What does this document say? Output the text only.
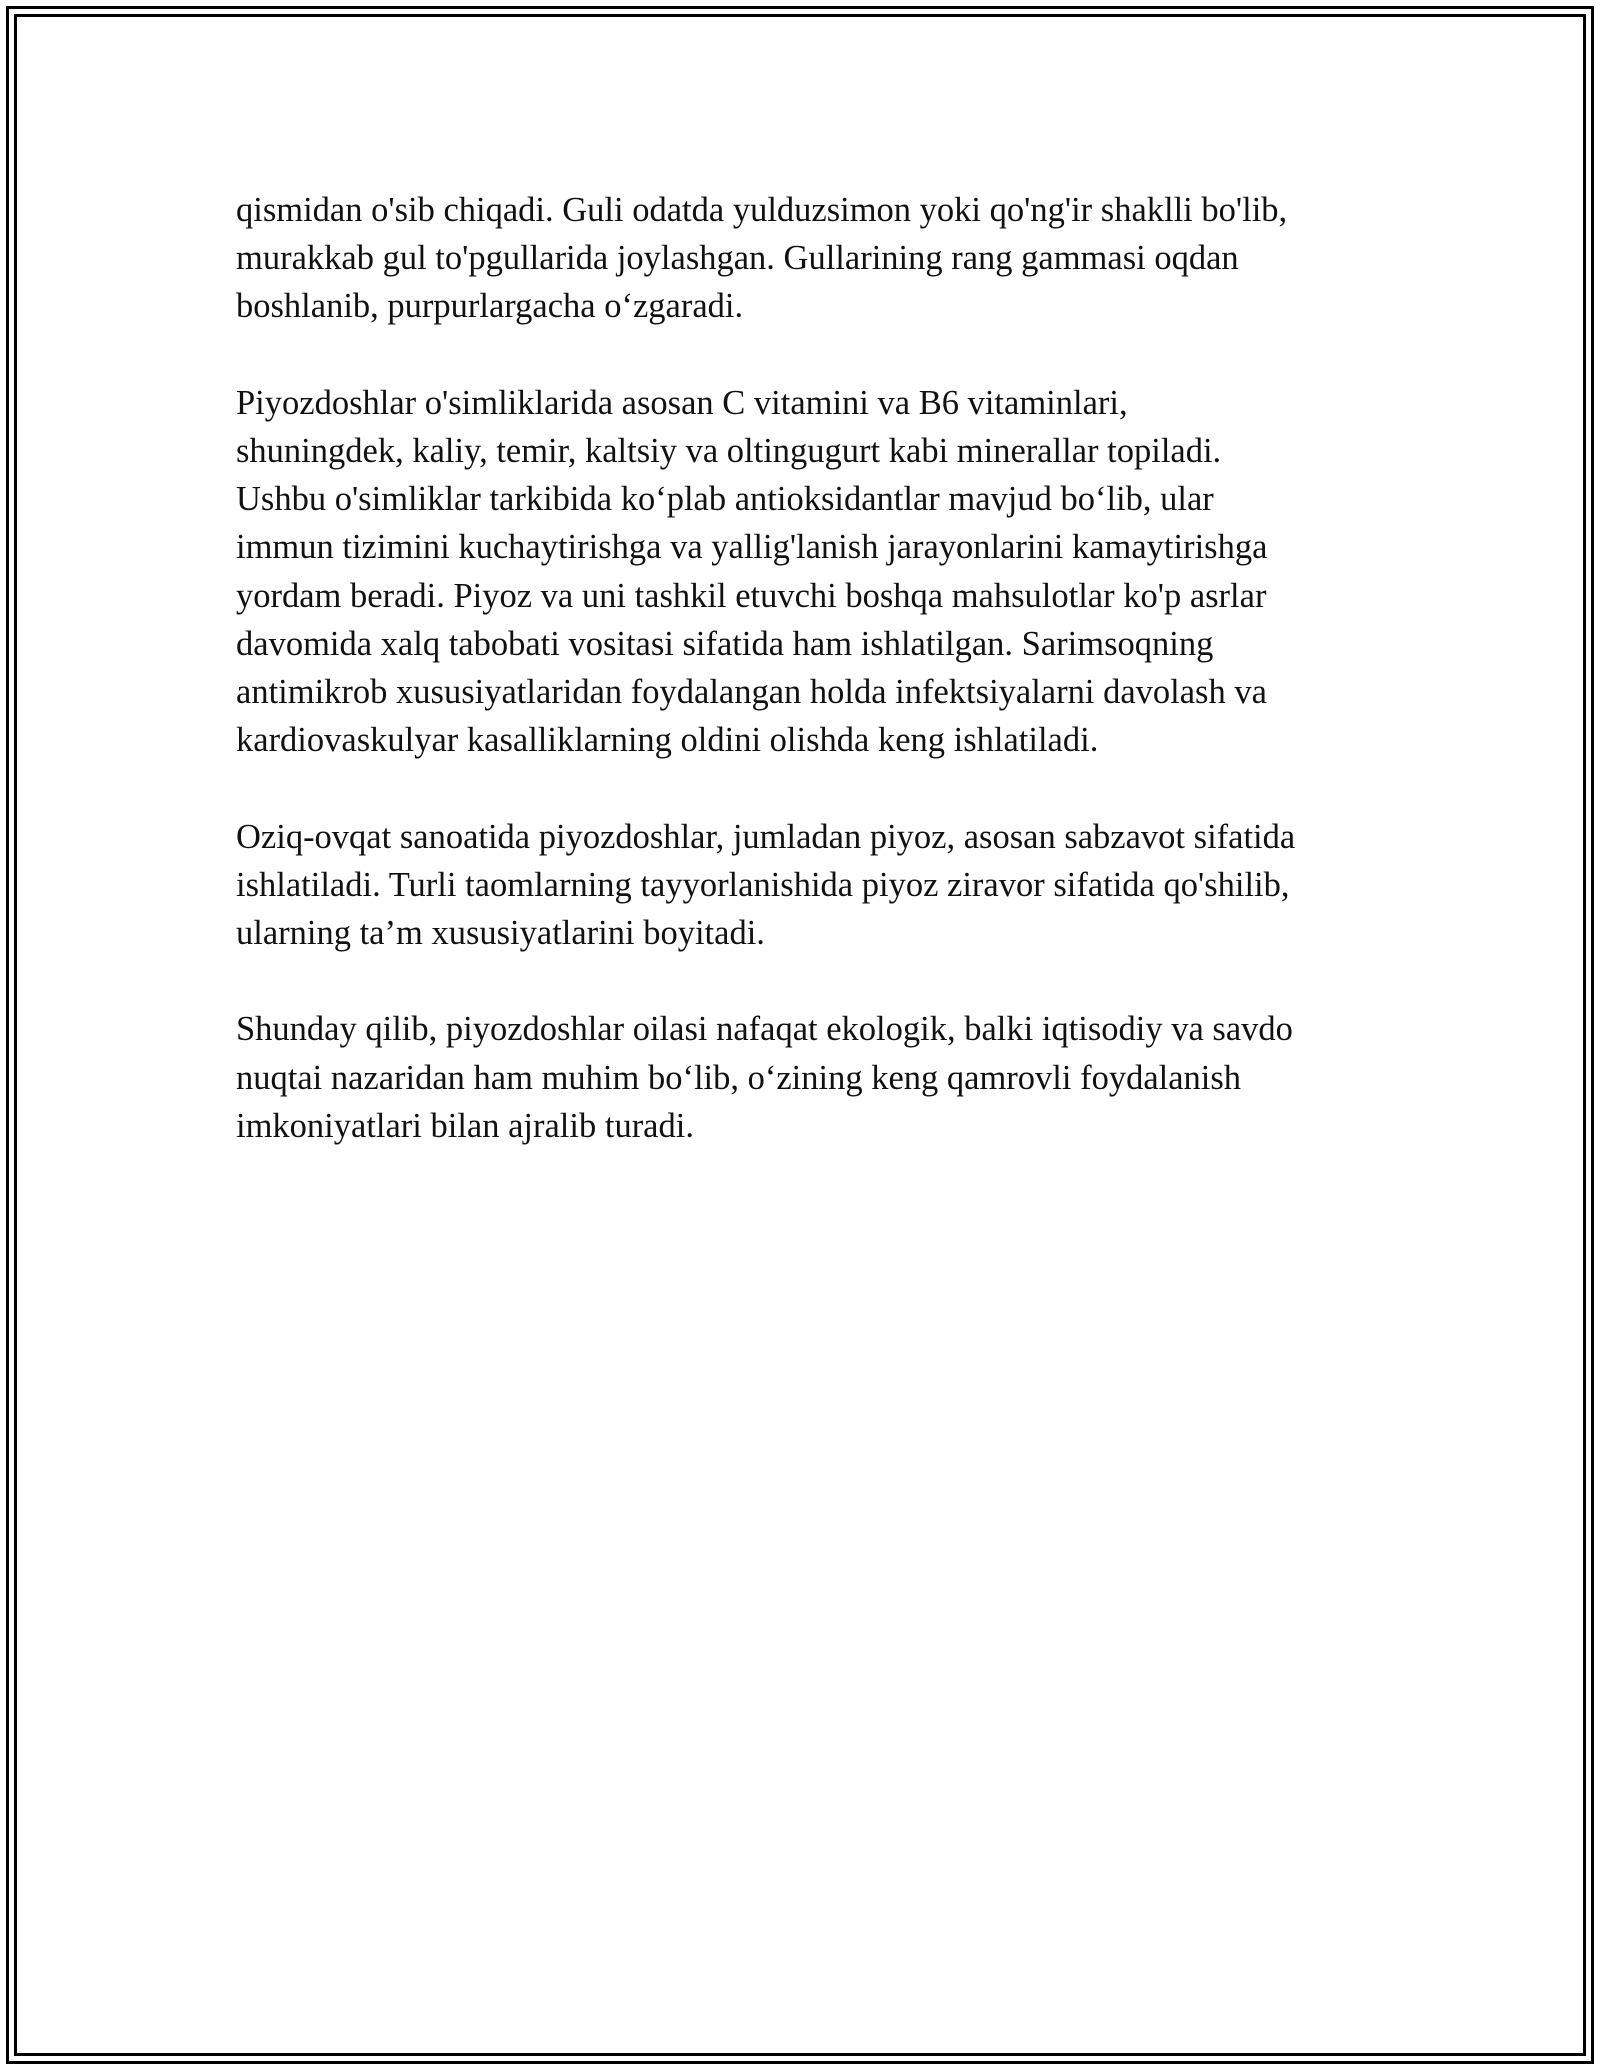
qismidan o'sib chiqadi. Guli odatda yulduzsimon yoki qo'ng'ir shaklli bo'lib,
murakkab gul to'pgullarida joylashgan. Gullarining rang gammasi oqdan
boshlanib, purpurlargacha o‘zgaradi.

Piyozdoshlar o'simliklarida asosan C vitamini va B6 vitaminlari,
shuningdek, kaliy, temir, kaltsiy va oltingugurt kabi minerallar topiladi.
Ushbu o'simliklar tarkibida ko‘plab antioksidantlar mavjud bo‘lib, ular
immun tizimini kuchaytirishga va yallig'lanish jarayonlarini kamaytirishga
yordam beradi. Piyoz va uni tashkil etuvchi boshqa mahsulotlar ko'p asrlar
davomida xalq tabobati vositasi sifatida ham ishlatilgan. Sarimsoqning
antimikrob xususiyatlaridan foydalangan holda infektsiyalarni davolash va
kardiovaskulyar kasalliklarning oldini olishda keng ishlatiladi.

Oziq-ovqat sanoatida piyozdoshlar, jumladan piyoz, asosan sabzavot sifatida
ishlatiladi. Turli taomlarning tayyorlanishida piyoz ziravor sifatida qo'shilib,
ularning ta’m xususiyatlarini boyitadi.

Shunday qilib, piyozdoshlar oilasi nafaqat ekologik, balki iqtisodiy va savdo
nuqtai nazaridan ham muhim bo‘lib, o‘zining keng qamrovli foydalanish
imkoniyatlari bilan ajralib turadi.
